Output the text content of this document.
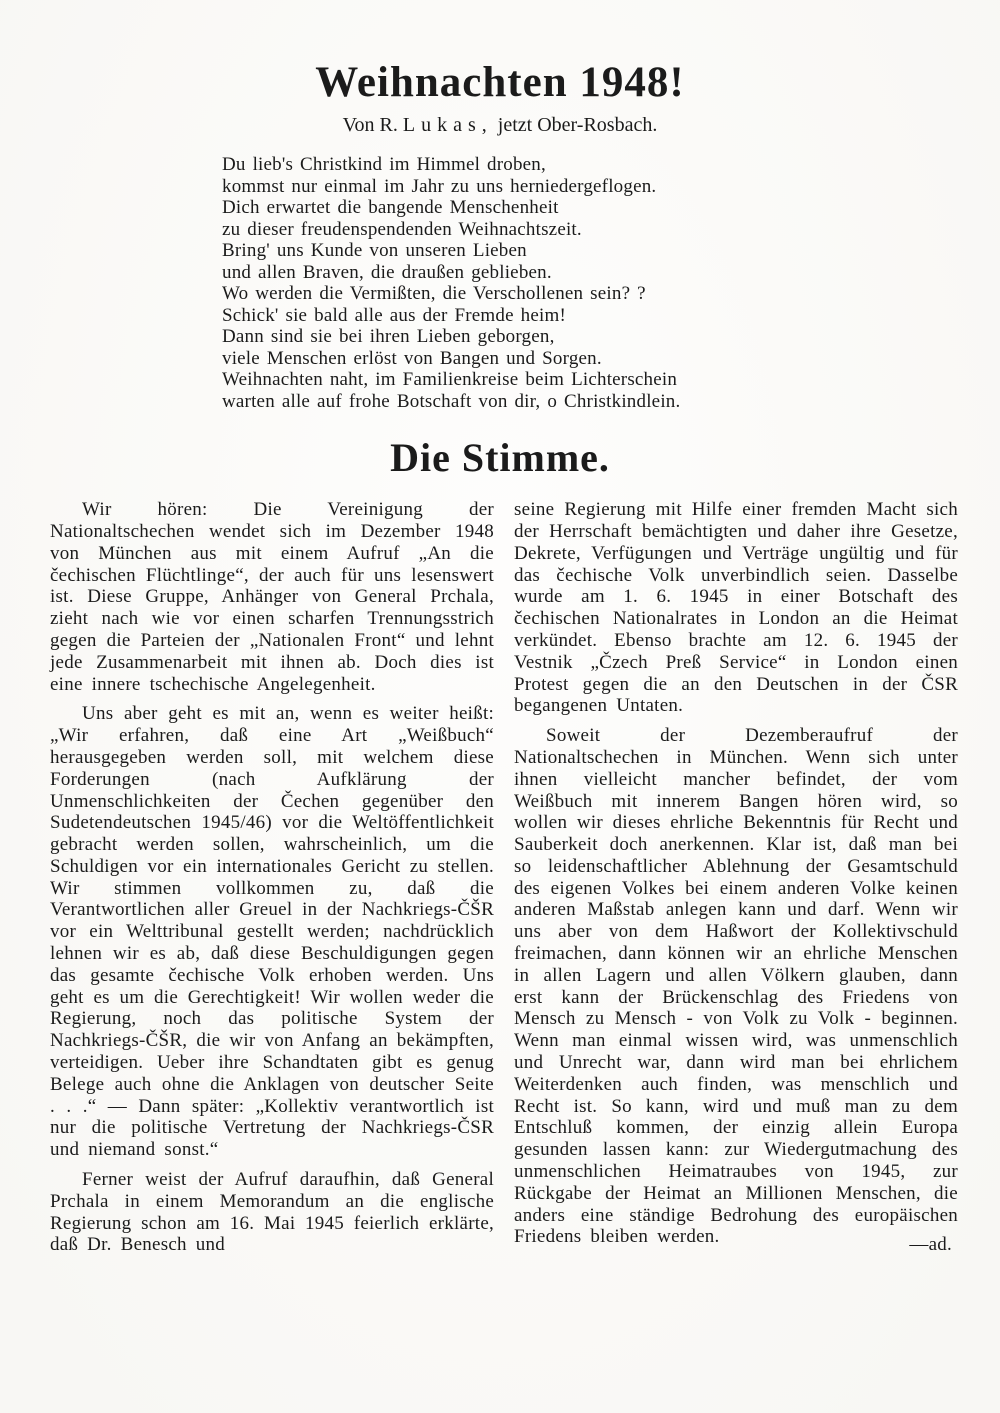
Weihnachten 1948!
Von R. Lukas, jetzt Ober-Rosbach.
Du lieb's Christkind im Himmel droben,
kommst nur einmal im Jahr zu uns herniedergeflogen.
Dich erwartet die bangende Menschenheit
zu dieser freudenspendenden Weihnachtszeit.
Bring' uns Kunde von unseren Lieben
und allen Braven, die draußen geblieben.
Wo werden die Vermißten, die Verschollenen sein? ?
Schick' sie bald alle aus der Fremde heim!
Dann sind sie bei ihren Lieben geborgen,
viele Menschen erlöst von Bangen und Sorgen.
Weihnachten naht, im Familienkreise beim Lichterschein
warten alle auf frohe Botschaft von dir, o Christkindlein.
Die Stimme.

Wir hören: Die Vereinigung der Nationaltschechen wendet sich im Dezember 1948 von München aus mit einem Aufruf „An die čechischen Flüchtlinge“, der auch für uns lesenswert ist. Diese Gruppe, Anhänger von General Prchala, zieht nach wie vor einen scharfen Trennungsstrich gegen die Parteien der „Nationalen Front“ und lehnt jede Zusammenarbeit mit ihnen ab. Doch dies ist eine innere tschechische Angelegenheit.

Uns aber geht es mit an, wenn es weiter heißt: „Wir erfahren, daß eine Art „Weißbuch“ herausgegeben werden soll, mit welchem diese Forderungen (nach Aufklärung der Unmenschlichkeiten der Čechen gegenüber den Sudetendeutschen 1945/46) vor die Weltöffentlichkeit gebracht werden sollen, wahrscheinlich, um die Schuldigen vor ein internationales Gericht zu stellen. Wir stimmen vollkommen zu, daß die Verantwortlichen aller Greuel in der Nachkriegs-ČŠR vor ein Welttribunal gestellt werden; nachdrücklich lehnen wir es ab, daß diese Beschuldigungen gegen das gesamte čechische Volk erhoben werden. Uns geht es um die Gerechtigkeit! Wir wollen weder die Regierung, noch das politische System der Nachkriegs-ČŠR, die wir von Anfang an bekämpften, verteidigen. Ueber ihre Schandtaten gibt es genug Belege auch ohne die Anklagen von deutscher Seite . . .“ — Dann später: „Kollektiv verantwortlich ist nur die politische Vertretung der Nachkriegs-ČSR und niemand sonst.“

Ferner weist der Aufruf daraufhin, daß General Prchala in einem Memorandum an die englische Regierung schon am 16. Mai 1945 feierlich erklärte, daß Dr. Benesch und

seine Regierung mit Hilfe einer fremden Macht sich der Herrschaft bemächtigten und daher ihre Gesetze, Dekrete, Verfügungen und Verträge ungültig und für das čechische Volk unverbindlich seien. Dasselbe wurde am 1. 6. 1945 in einer Botschaft des čechischen Nationalrates in London an die Heimat verkündet. Ebenso brachte am 12. 6. 1945 der Vestnik „Čzech Preß Service“ in London einen Protest gegen die an den Deutschen in der ČSR begangenen Untaten.

Soweit der Dezemberaufruf der Nationaltschechen in München. Wenn sich unter ihnen vielleicht mancher befindet, der vom Weißbuch mit innerem Bangen hören wird, so wollen wir dieses ehrliche Bekenntnis für Recht und Sauberkeit doch anerkennen. Klar ist, daß man bei so leidenschaftlicher Ablehnung der Gesamtschuld des eigenen Volkes bei einem anderen Volke keinen anderen Maßstab anlegen kann und darf. Wenn wir uns aber von dem Haßwort der Kollektivschuld freimachen, dann können wir an ehrliche Menschen in allen Lagern und allen Völkern glauben, dann erst kann der Brückenschlag des Friedens von Mensch zu Mensch - von Volk zu Volk - beginnen. Wenn man einmal wissen wird, was unmenschlich und Unrecht war, dann wird man bei ehrlichem Weiterdenken auch finden, was menschlich und Recht ist. So kann, wird und muß man zu dem Entschluß kommen, der einzig allein Europa gesunden lassen kann: zur Wiedergutmachung des unmenschlichen Heimatraubes von 1945, zur Rückgabe der Heimat an Millionen Menschen, die anders eine ständige Bedrohung des europäischen Friedens bleiben werden.	—ad.
